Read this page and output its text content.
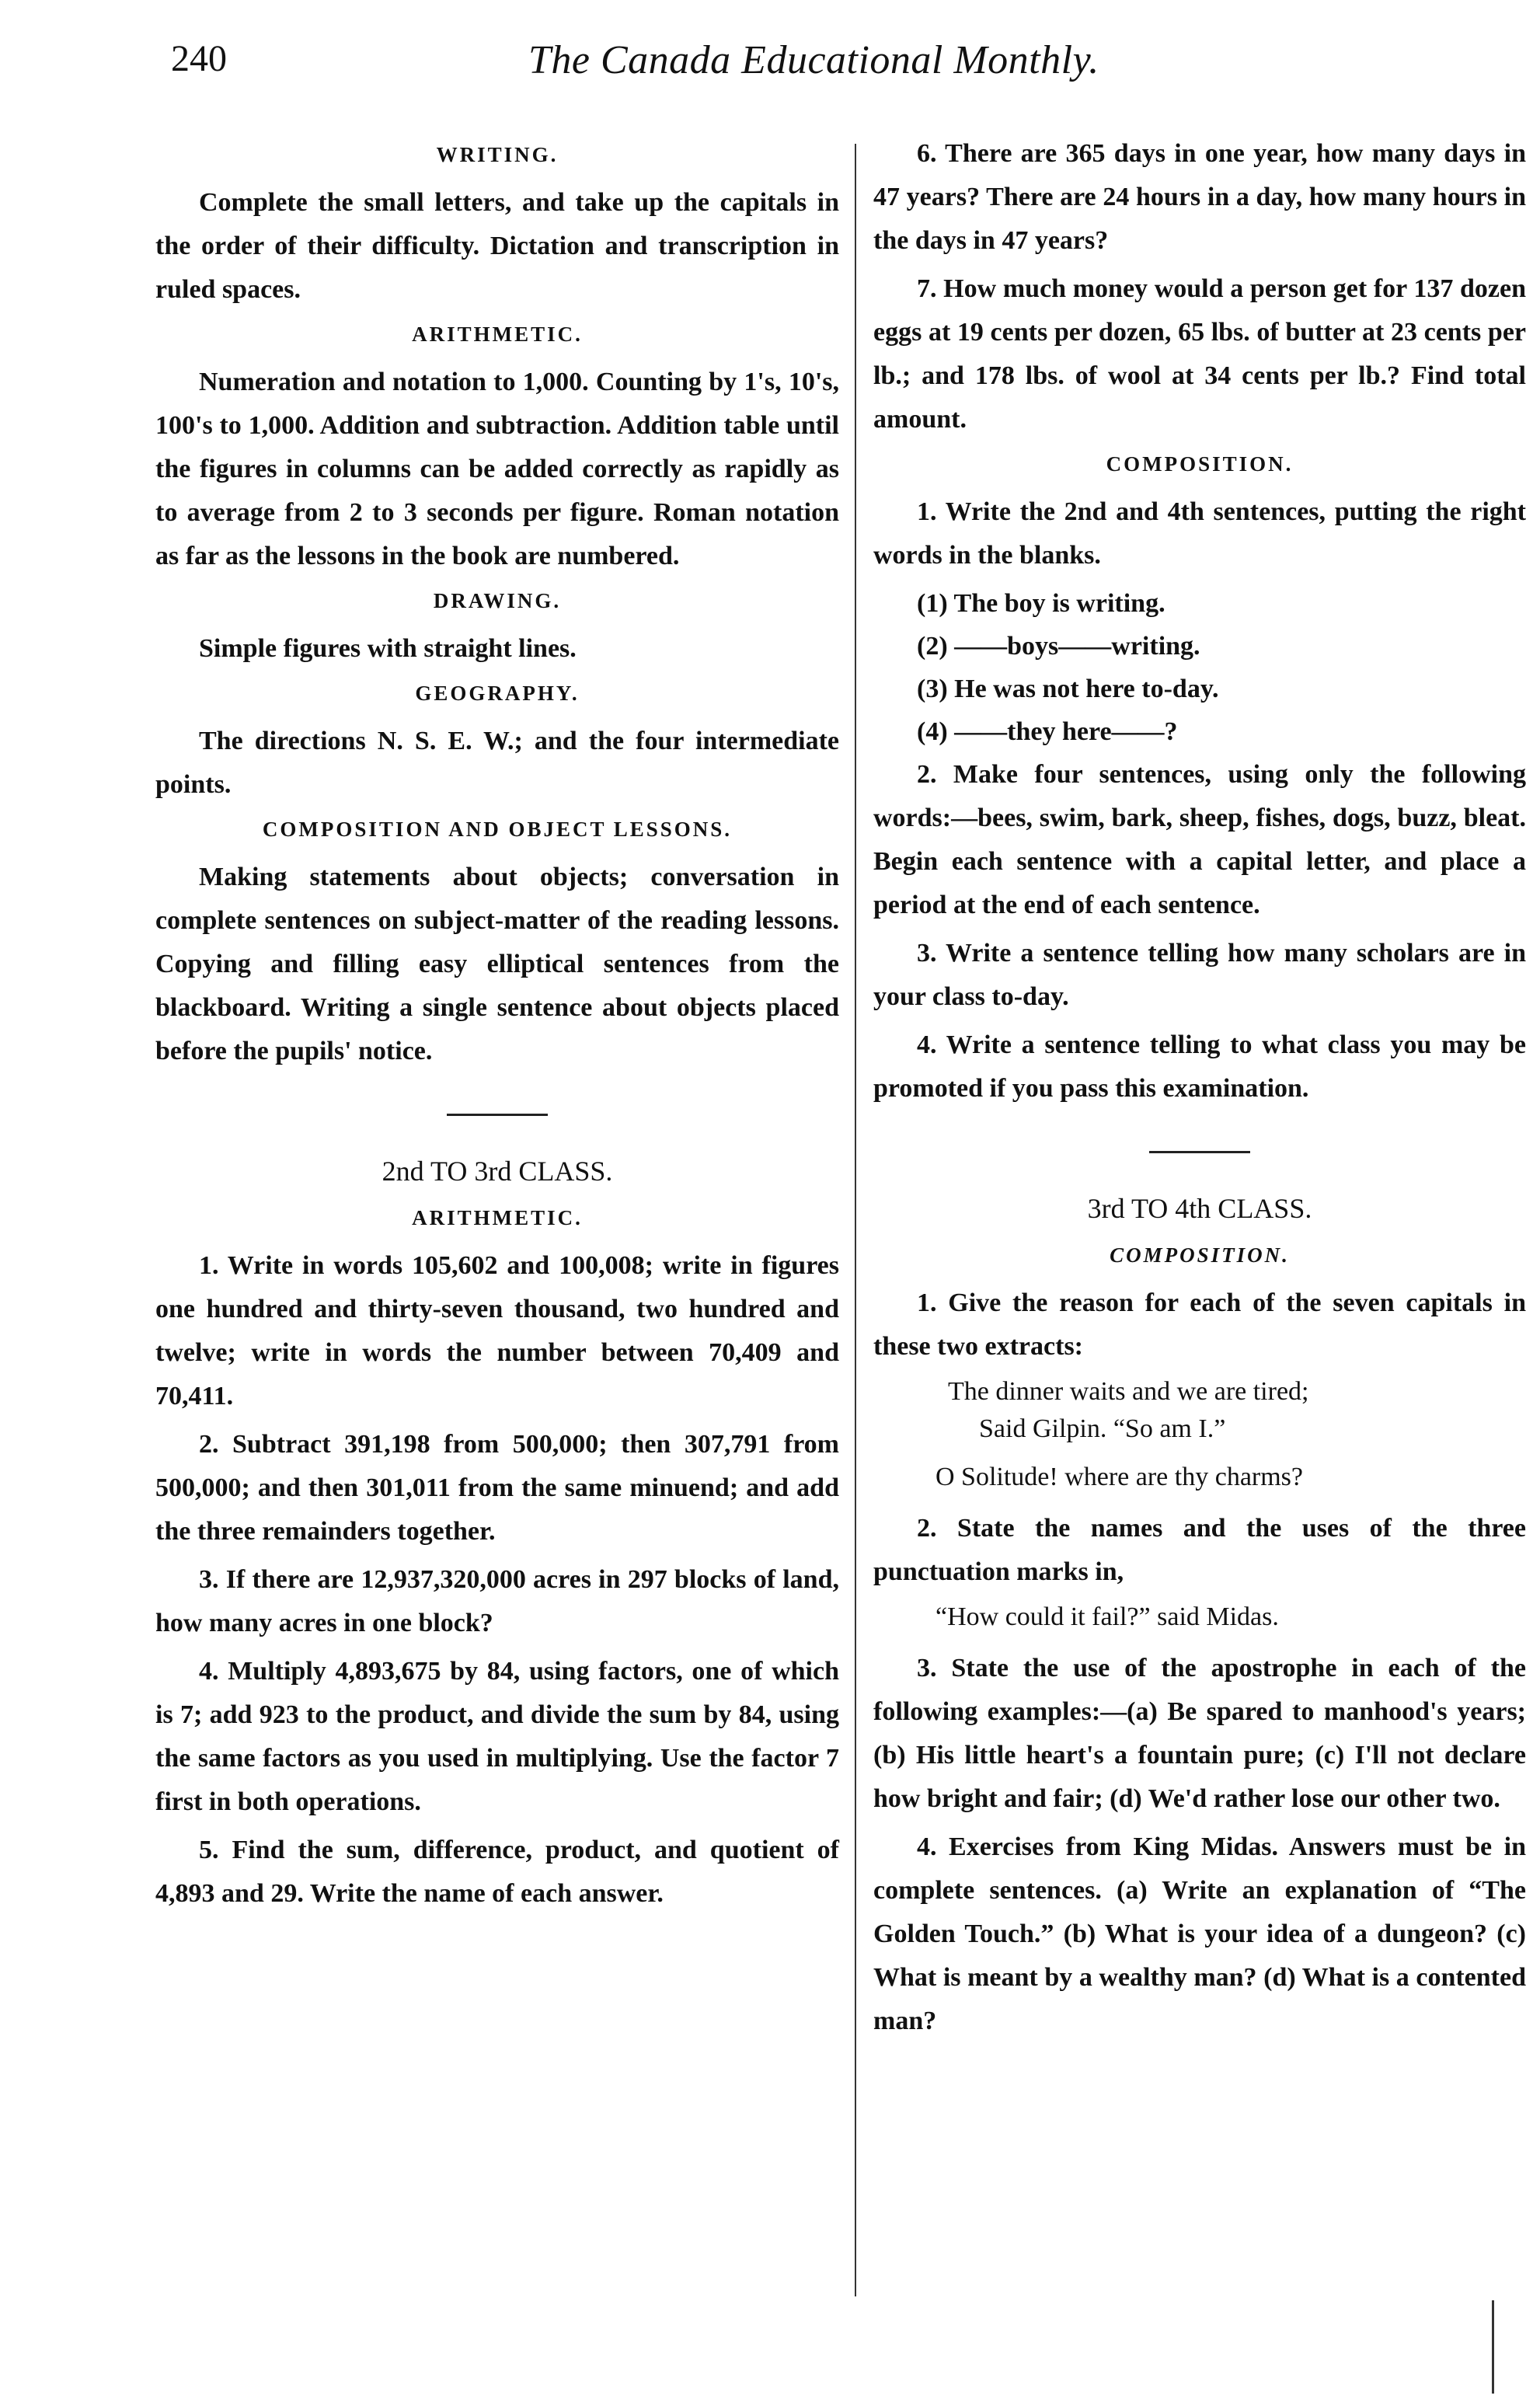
240	The Canada Educational Monthly.
WRITING.

Complete the small letters, and take up the capitals in the order of their difficulty. Dictation and transcription in ruled spaces.

ARITHMETIC.

Numeration and notation to 1,000. Counting by 1's, 10's, 100's to 1,000. Addition and subtraction. Addition table until the figures in columns can be added correctly as rapidly as to average from 2 to 3 seconds per figure. Roman notation as far as the lessons in the book are numbered.

DRAWING.

Simple figures with straight lines.

GEOGRAPHY.

The directions N. S. E. W.; and the four intermediate points.

COMPOSITION AND OBJECT LESSONS.

Making statements about objects; conversation in complete sentences on subject-matter of the reading lessons. Copying and filling easy elliptical sentences from the blackboard. Writing a single sentence about objects placed before the pupils' notice.

2nd TO 3rd CLASS.
ARITHMETIC.

1. Write in words 105,602 and 100,008; write in figures one hundred and thirty-seven thousand, two hundred and twelve; write in words the number between 70,409 and 70,411.

2. Subtract 391,198 from 500,000; then 307,791 from 500,000; and then 301,011 from the same minuend; and add the three remainders together.

3. If there are 12,937,320,000 acres in 297 blocks of land, how many acres in one block?

4. Multiply 4,893,675 by 84, using factors, one of which is 7; add 923 to the product, and divide the sum by 84, using the same factors as you used in multiplying. Use the factor 7 first in both operations.

5. Find the sum, difference, product, and quotient of 4,893 and 29. Write the name of each answer.

6. There are 365 days in one year, how many days in 47 years? There are 24 hours in a day, how many hours in the days in 47 years?

7. How much money would a person get for 137 dozen eggs at 19 cents per dozen, 65 lbs. of butter at 23 cents per lb.; and 178 lbs. of wool at 34 cents per lb.? Find total amount.

COMPOSITION.

1. Write the 2nd and 4th sentences, putting the right words in the blanks.

(1) The boy is writing.

(2) ——boys——writing.

(3) He was not here to-day.

(4) ——they here——?

2. Make four sentences, using only the following words:—bees, swim, bark, sheep, fishes, dogs, buzz, bleat. Begin each sentence with a capital letter, and place a period at the end of each sentence.

3. Write a sentence telling how many scholars are in your class to-day.

4. Write a sentence telling to what class you may be promoted if you pass this examination.

3rd TO 4th CLASS.
COMPOSITION.

1. Give the reason for each of the seven capitals in these two extracts:

The dinner waits and we are tired;
Said Gilpin. “So am I.”
O Solitude! where are thy charms?

2. State the names and the uses of the three punctuation marks in,

“How could it fail?” said Midas.

3. State the use of the apostrophe in each of the following examples:—(a) Be spared to manhood's years; (b) His little heart's a fountain pure; (c) I'll not declare how bright and fair; (d) We'd rather lose our other two.

4. Exercises from King Midas. Answers must be in complete sentences. (a) Write an explanation of “The Golden Touch.” (b) What is your idea of a dungeon? (c) What is meant by a wealthy man? (d) What is a contented man?
